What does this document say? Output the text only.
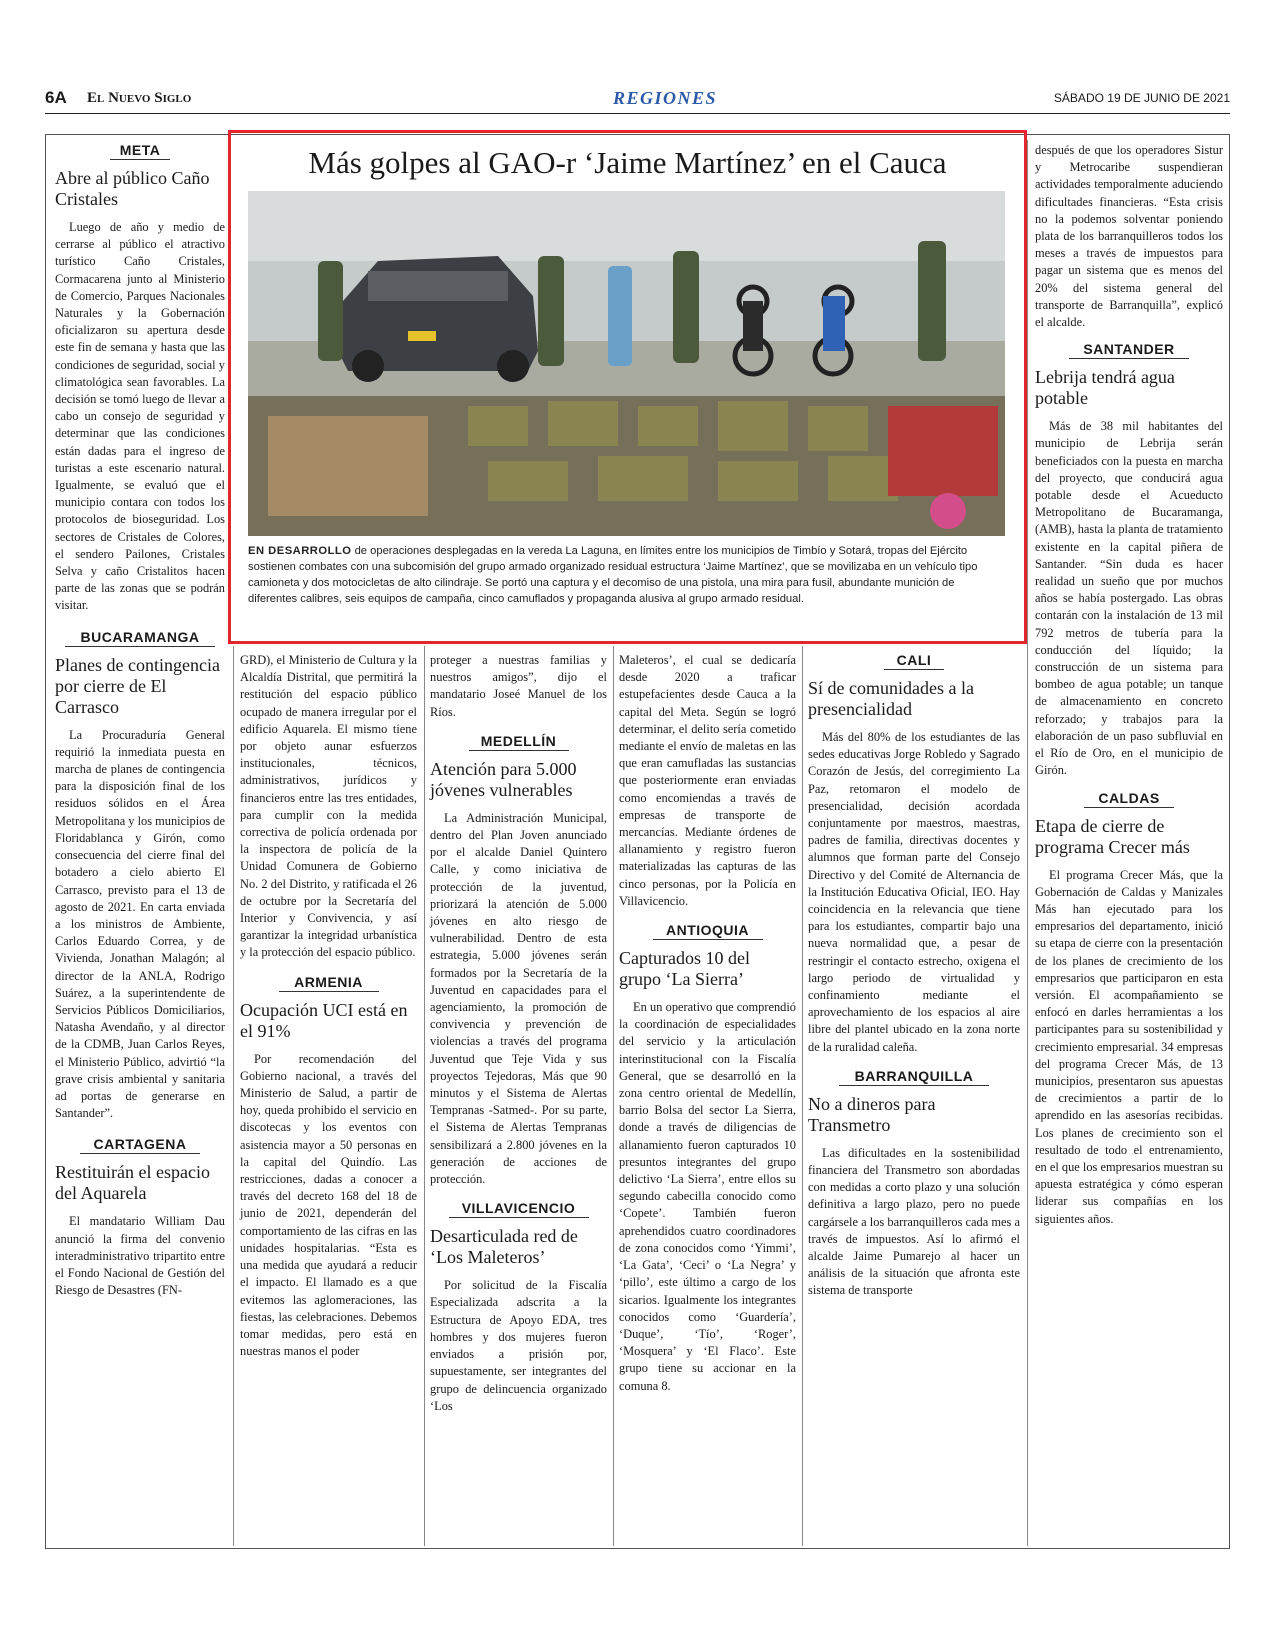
6A El Nuevo Siglo	REGIONES	SÁBADO 19 DE JUNIO DE 2021
META
Abre al público Caño Cristales

Luego de año y medio de cerrarse al público el atractivo turístico Caño Cristales, Cormacarena junto al Ministerio de Comercio, Parques Nacionales Naturales y la Gobernación oficializaron su apertura desde este fin de semana y hasta que las condiciones de seguridad, social y climatológica sean favorables. La decisión se tomó luego de llevar a cabo un consejo de seguridad y determinar que las condiciones están dadas para el ingreso de turistas a este escenario natural. Igualmente, se evaluó que el municipio contara con todos los protocolos de bioseguridad. Los sectores de Cristales de Colores, el sendero Pailones, Cristales Selva y caño Cristalitos hacen parte de las zonas que se podrán visitar.

BUCARAMANGA
Planes de contingencia por cierre de El Carrasco

La Procuraduría General requirió la inmediata puesta en marcha de planes de contingencia para la disposición final de los residuos sólidos en el Área Metropolitana y los municipios de Floridablanca y Girón, como consecuencia del cierre final del botadero a cielo abierto El Carrasco, previsto para el 13 de agosto de 2021. En carta enviada a los ministros de Ambiente, Carlos Eduardo Correa, y de Vivienda, Jonathan Malagón; al director de la ANLA, Rodrigo Suárez, a la superintendente de Servicios Públicos Domiciliarios, Natasha Avendaño, y al director de la CDMB, Juan Carlos Reyes, el Ministerio Público, advirtió “la grave crisis ambiental y sanitaria ad portas de generarse en Santander”.

CARTAGENA
Restituirán el espacio del Aquarela

El mandatario William Dau anunció la firma del convenio interadministrativo tripartito entre el Fondo Nacional de Gestión del Riesgo de Desastres (FN-

Más golpes al GAO-r ‘Jaime Martínez’ en el Cauca
EN DESARROLLO de operaciones desplegadas en la vereda La Laguna, en límites entre los municipios de Timbío y Sotará, tropas del Ejército sostienen combates con una subcomisión del grupo armado organizado residual estructura ‘Jaime Martínez’, que se movilizaba en un vehículo tipo camioneta y dos motocicletas de alto cilindraje. Se portó una captura y el decomiso de una pistola, una mira para fusil, abundante munición de diferentes calibres, seis equipos de campaña, cinco camuflados y propaganda alusiva al grupo armado residual.

GRD), el Ministerio de Cultura y la Alcaldía Distrital, que permitirá la restitución del espacio público ocupado de manera irregular por el edificio Aquarela. El mismo tiene por objeto aunar esfuerzos institucionales, técnicos, administrativos, jurídicos y financieros entre las tres entidades, para cumplir con la medida correctiva de policía ordenada por la inspectora de policía de la Unidad Comunera de Gobierno No. 2 del Distrito, y ratificada el 26 de octubre por la Secretaría del Interior y Convivencia, y así garantizar la integridad urbanística y la protección del espacio público.

ARMENIA
Ocupación UCI está en el 91%

Por recomendación del Gobierno nacional, a través del Ministerio de Salud, a partir de hoy, queda prohibido el servicio en discotecas y los eventos con asistencia mayor a 50 personas en la capital del Quindío. Las restricciones, dadas a conocer a través del decreto 168 del 18 de junio de 2021, dependerán del comportamiento de las cifras en las unidades hospitalarias. “Esta es una medida que ayudará a reducir el impacto. El llamado es a que evitemos las aglomeraciones, las fiestas, las celebraciones. Debemos tomar medidas, pero está en nuestras manos el poder

proteger a nuestras familias y nuestros amigos”, dijo el mandatario Joseé Manuel de los Ríos.

MEDELLÍN
Atención para 5.000 jóvenes vulnerables

La Administración Municipal, dentro del Plan Joven anunciado por el alcalde Daniel Quintero Calle, y como iniciativa de protección de la juventud, priorizará la atención de 5.000 jóvenes en alto riesgo de vulnerabilidad. Dentro de esta estrategia, 5.000 jóvenes serán formados por la Secretaría de la Juventud en capacidades para el agenciamiento, la promoción de convivencia y prevención de violencias a través del programa Juventud que Teje Vida y sus proyectos Tejedoras, Más que 90 minutos y el Sistema de Alertas Tempranas -Satmed-. Por su parte, el Sistema de Alertas Tempranas sensibilizará a 2.800 jóvenes en la generación de acciones de protección.

VILLAVICENCIO
Desarticulada red de ‘Los Maleteros’

Por solicitud de la Fiscalía Especializada adscrita a la Estructura de Apoyo EDA, tres hombres y dos mujeres fueron enviados a prisión por, supuestamente, ser integrantes del grupo de delincuencia organizado ‘Los

Maleteros’, el cual se dedicaría desde 2020 a traficar estupefacientes desde Cauca a la capital del Meta. Según se logró determinar, el delito sería cometido mediante el envío de maletas en las que eran camufladas las sustancias que posteriormente eran enviadas como encomiendas a través de empresas de transporte de mercancías. Mediante órdenes de allanamiento y registro fueron materializadas las capturas de las cinco personas, por la Policía en Villavicencio.

ANTIOQUIA
Capturados 10 del grupo ‘La Sierra’

En un operativo que comprendió la coordinación de especialidades del servicio y la articulación interinstitucional con la Fiscalía General, que se desarrolló en la zona centro oriental de Medellín, barrio Bolsa del sector La Sierra, donde a través de diligencias de allanamiento fueron capturados 10 presuntos integrantes del grupo delictivo ‘La Sierra’, entre ellos su segundo cabecilla conocido como ‘Copete’. También fueron aprehendidos cuatro coordinadores de zona conocidos como ‘Yimmi’, ‘La Gata’, ‘Ceci’ o ‘La Negra’ y ‘pillo’, este último a cargo de los sicarios. Igualmente los integrantes conocidos como ‘Guardería’, ‘Duque’, ‘Tío’, ‘Roger’, ‘Mosquera’ y ‘El Flaco’. Este grupo tiene su accionar en la comuna 8.

CALI
Sí de comunidades a la presencialidad

Más del 80% de los estudiantes de las sedes educativas Jorge Robledo y Sagrado Corazón de Jesús, del corregimiento La Paz, retomaron el modelo de presencialidad, decisión acordada conjuntamente por maestros, maestras, padres de familia, directivas docentes y alumnos que forman parte del Consejo Directivo y del Comité de Alternancia de la Institución Educativa Oficial, IEO. Hay coincidencia en la relevancia que tiene para los estudiantes, compartir bajo una nueva normalidad que, a pesar de restringir el contacto estrecho, oxigena el largo periodo de virtualidad y confinamiento mediante el aprovechamiento de los espacios al aire libre del plantel ubicado en la zona norte de la ruralidad caleña.

BARRANQUILLA
No a dineros para Transmetro

Las dificultades en la sostenibilidad financiera del Transmetro son abordadas con medidas a corto plazo y una solución definitiva a largo plazo, pero no puede cargársele a los barranquilleros cada mes a través de impuestos. Así lo afirmó el alcalde Jaime Pumarejo al hacer un análisis de la situación que afronta este sistema de transporte

después de que los operadores Sistur y Metrocaribe suspendieran actividades temporalmente aduciendo dificultades financieras. “Esta crisis no la podemos solventar poniendo plata de los barranquilleros todos los meses a través de impuestos para pagar un sistema que es menos del 20% del sistema general del transporte de Barranquilla”, explicó el alcalde.

SANTANDER
Lebrija tendrá agua potable

Más de 38 mil habitantes del municipio de Lebrija serán beneficiados con la puesta en marcha del proyecto, que conducirá agua potable desde el Acueducto Metropolitano de Bucaramanga, (AMB), hasta la planta de tratamiento existente en la capital piñera de Santander. “Sin duda es hacer realidad un sueño que por muchos años se había postergado. Las obras contarán con la instalación de 13 mil 792 metros de tubería para la conducción del líquido; la construcción de un sistema para bombeo de agua potable; un tanque de almacenamiento en concreto reforzado; y trabajos para la elaboración de un paso subfluvial en el Río de Oro, en el municipio de Girón.

CALDAS
Etapa de cierre de programa Crecer más

El programa Crecer Más, que la Gobernación de Caldas y Manizales Más han ejecutado para los empresarios del departamento, inició su etapa de cierre con la presentación de los planes de crecimiento de los empresarios que participaron en esta versión. El acompañamiento se enfocó en darles herramientas a los participantes para su sostenibilidad y crecimiento empresarial. 34 empresas del programa Crecer Más, de 13 municipios, presentaron sus apuestas de crecimientos a partir de lo aprendido en las asesorías recibidas. Los planes de crecimiento son el resultado de todo el entrenamiento, en el que los empresarios muestran su apuesta estratégica y cómo esperan liderar sus compañías en los siguientes años.
